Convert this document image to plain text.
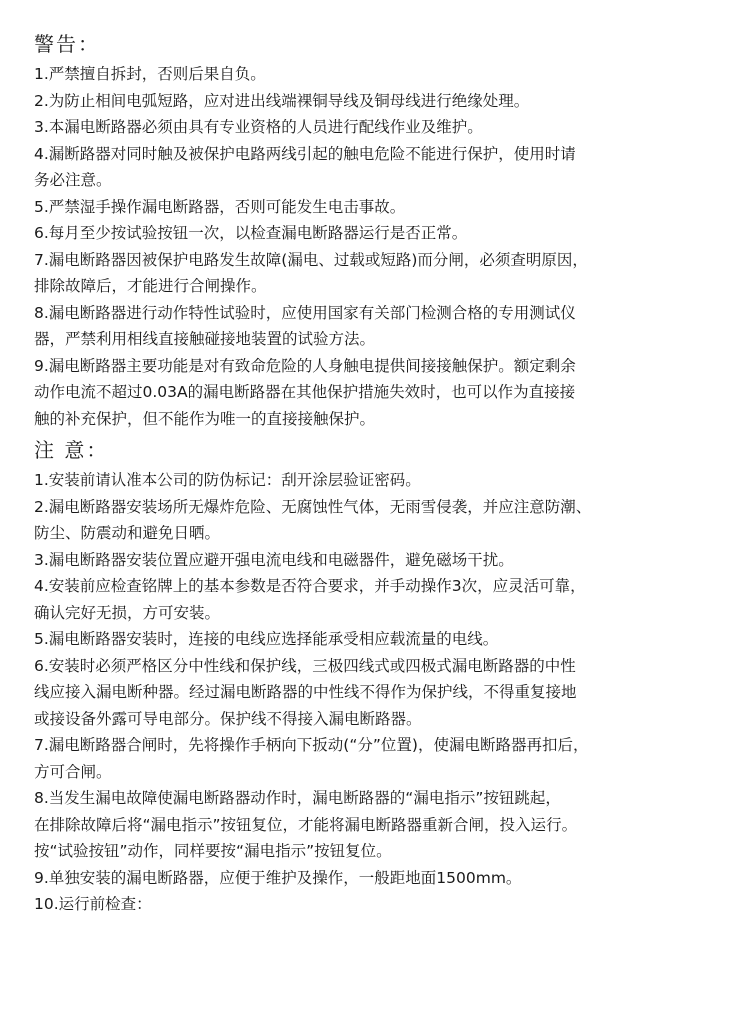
警告：
1.严禁擅自拆封，否则后果自负。
2.为防止相间电弧短路，应对进出线端裸铜导线及铜母线进行绝缘处理。
3.本漏电断路器必须由具有专业资格的人员进行配线作业及维护。
4.漏断路器对同时触及被保护电路两线引起的触电危险不能进行保护，使用时请
务必注意。
5.严禁湿手操作漏电断路器，否则可能发生电击事故。
6.每月至少按试验按钮一次，以检查漏电断路器运行是否正常。
7.漏电断路器因被保护电路发生故障(漏电、过载或短路)而分闸，必须查明原因，
排除故障后，才能进行合闸操作。
8.漏电断路器进行动作特性试验时，应使用国家有关部门检测合格的专用测试仪
器，严禁利用相线直接触碰接地装置的试验方法。
9.漏电断路器主要功能是对有致命危险的人身触电提供间接接触保护。额定剩余
动作电流不超过0.03A的漏电断路器在其他保护措施失效时，也可以作为直接接
触的补充保护，但不能作为唯一的直接接触保护。
注 意：
1.安装前请认准本公司的防伪标记：刮开涂层验证密码。
2.漏电断路器安装场所无爆炸危险、无腐蚀性气体，无雨雪侵袭，并应注意防潮、
防尘、防震动和避免日晒。
3.漏电断路器安装位置应避开强电流电线和电磁器件，避免磁场干扰。
4.安装前应检查铭牌上的基本参数是否符合要求，并手动操作3次，应灵活可靠，
确认完好无损，方可安装。
5.漏电断路器安装时，连接的电线应选择能承受相应载流量的电线。
6.安装时必须严格区分中性线和保护线，三极四线式或四极式漏电断路器的中性
线应接入漏电断种器。经过漏电断路器的中性线不得作为保护线，不得重复接地
或接设备外露可导电部分。保护线不得接入漏电断路器。
7.漏电断路器合闸时，先将操作手柄向下扳动(“分”位置)，使漏电断路器再扣后，
方可合闸。
8.当发生漏电故障使漏电断路器动作时，漏电断路器的“漏电指示”按钮跳起，
在排除故障后将“漏电指示”按钮复位，才能将漏电断路器重新合闸，投入运行。
按“试验按钮”动作，同样要按“漏电指示”按钮复位。
9.单独安装的漏电断路器，应便于维护及操作，一般距地面1500mm。
10.运行前检查：
